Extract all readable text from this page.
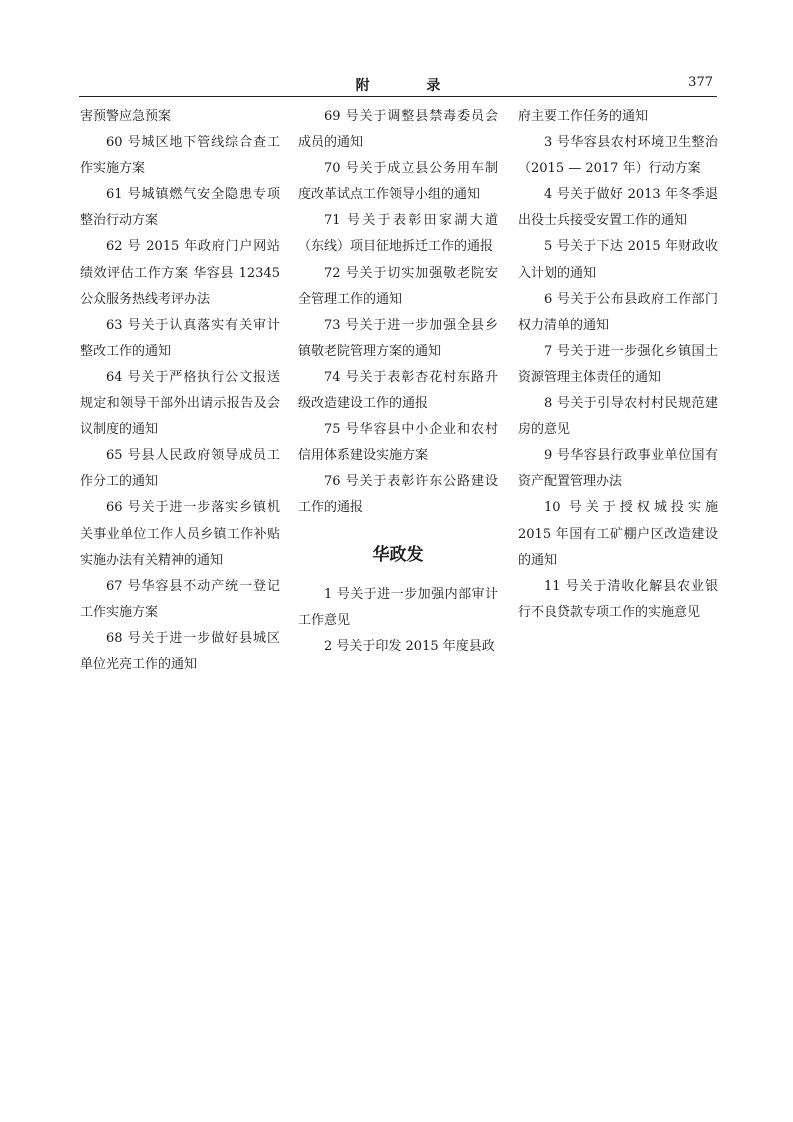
附 录	377

害预警应急预案

60 号城区地下管线综合查工作实施方案

61 号城镇燃气安全隐患专项整治行动方案

62 号 2015 年政府门户网站绩效评估工作方案 华容县 12345 公众服务热线考评办法

63 号关于认真落实有关审计整改工作的通知

64 号关于严格执行公文报送规定和领导干部外出请示报告及会议制度的通知

65 号县人民政府领导成员工作分工的通知

66 号关于进一步落实乡镇机关事业单位工作人员乡镇工作补贴实施办法有关精神的通知

67 号华容县不动产统一登记工作实施方案

68 号关于进一步做好县城区单位光亮工作的通知

69 号关于调整县禁毒委员会成员的通知

70 号关于成立县公务用车制度改革试点工作领导小组的通知

71 号关于表彰田家湖大道（东线）项目征地拆迁工作的通报

72 号关于切实加强敬老院安全管理工作的通知

73 号关于进一步加强全县乡镇敬老院管理方案的通知

74 号关于表彰杏花村东路升级改造建设工作的通报

75 号华容县中小企业和农村信用体系建设实施方案

76 号关于表彰许东公路建设工作的通报

华政发

1 号关于进一步加强内部审计工作意见

2 号关于印发 2015 年度县政

府主要工作任务的通知

3 号华容县农村环境卫生整治（2015 — 2017 年）行动方案

4 号关于做好 2013 年冬季退出役士兵接受安置工作的通知

5 号关于下达 2015 年财政收入计划的通知

6 号关于公布县政府工作部门权力清单的通知

7 号关于进一步强化乡镇国土资源管理主体责任的通知

8 号关于引导农村村民规范建房的意见

9 号华容县行政事业单位国有资产配置管理办法

10 号关于授权城投实施 2015 年国有工矿棚户区改造建设的通知

11 号关于清收化解县农业银行不良贷款专项工作的实施意见
